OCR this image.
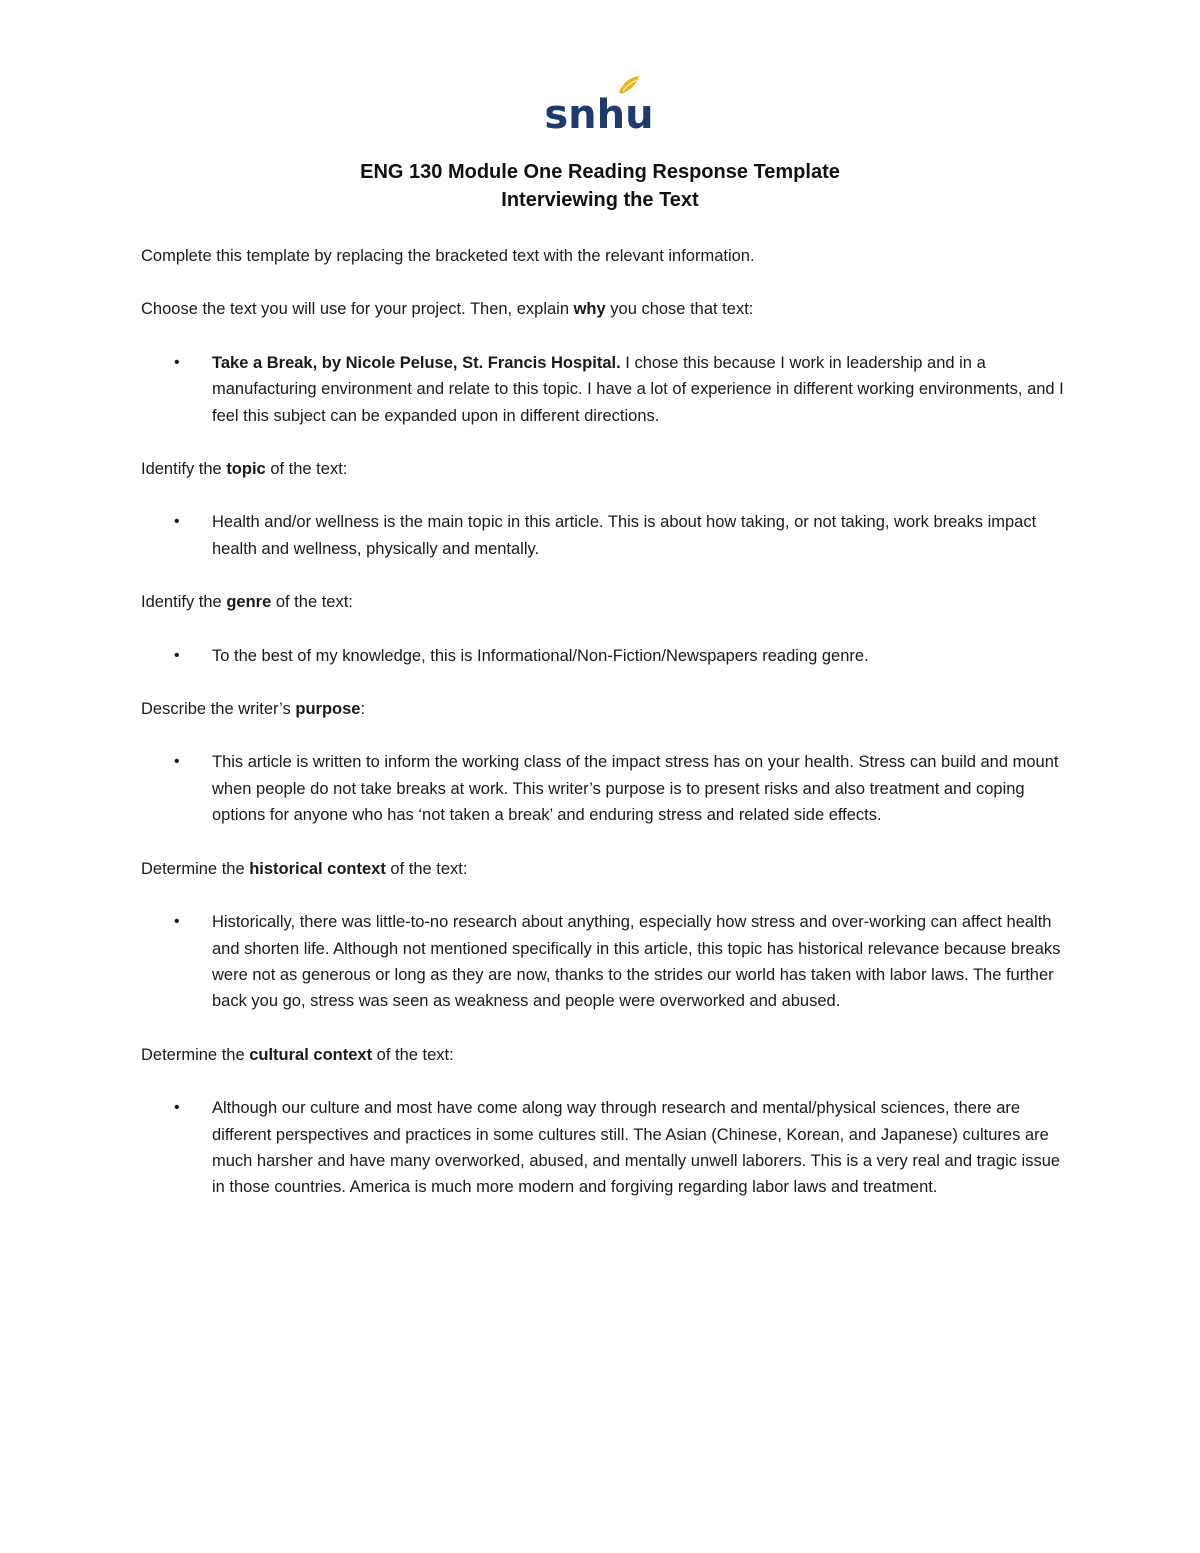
snhu
ENG 130 Module One Reading Response Template
Interviewing the Text

Complete this template by replacing the bracketed text with the relevant information.

Choose the text you will use for your project. Then, explain why you chose that text:

• Take a Break, by Nicole Peluse, St. Francis Hospital. I chose this because I work in leadership and in a manufacturing environment and relate to this topic. I have a lot of experience in different working environments, and I feel this subject can be expanded upon in different directions.

Identify the topic of the text:

• Health and/or wellness is the main topic in this article. This is about how taking, or not taking, work breaks impact health and wellness, physically and mentally.

Identify the genre of the text:

• To the best of my knowledge, this is Informational/Non-Fiction/Newspapers reading genre.

Describe the writer’s purpose:

• This article is written to inform the working class of the impact stress has on your health. Stress can build and mount when people do not take breaks at work. This writer’s purpose is to present risks and also treatment and coping options for anyone who has ‘not taken a break’ and enduring stress and related side effects.

Determine the historical context of the text:

• Historically, there was little-to-no research about anything, especially how stress and over-working can affect health and shorten life. Although not mentioned specifically in this article, this topic has historical relevance because breaks were not as generous or long as they are now, thanks to the strides our world has taken with labor laws. The further back you go, stress was seen as weakness and people were overworked and abused.

Determine the cultural context of the text:

• Although our culture and most have come along way through research and mental/physical sciences, there are different perspectives and practices in some cultures still. The Asian (Chinese, Korean, and Japanese) cultures are much harsher and have many overworked, abused, and mentally unwell laborers. This is a very real and tragic issue in those countries. America is much more modern and forgiving regarding labor laws and treatment.
